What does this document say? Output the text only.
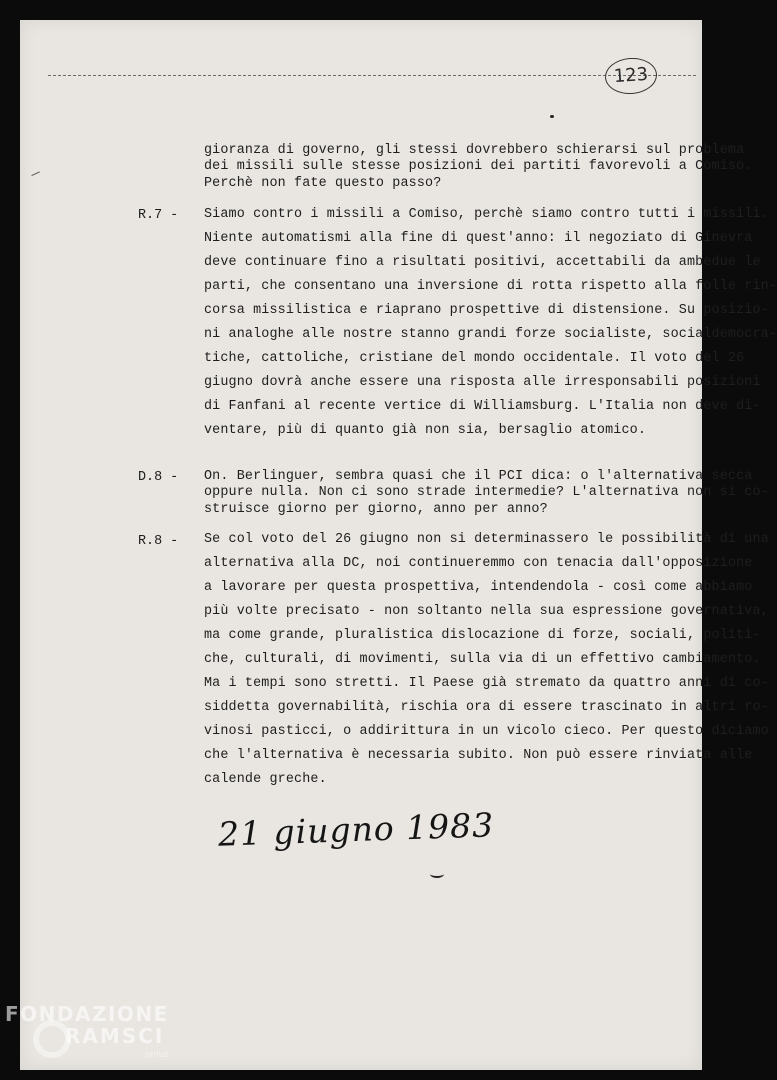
123
gioranza di governo, gli stessi dovrebbero schierarsi sul problema
dei missili sulle stesse posizioni dei partiti favorevoli a Comiso.
Perchè non fate questo passo?
R.7 - Siamo contro i missili a Comiso, perchè siamo contro tutti i missili.
Niente automatismi alla fine di quest'anno: il negoziato di Ginevra
deve continuare fino a risultati positivi, accettabili da ambedue le
parti, che consentano una inversione di rotta rispetto alla folle rin-
corsa missilistica e riaprano prospettive di distensione. Su posizio-
ni analoghe alle nostre stanno grandi forze socialiste, socialdemocra-
tiche, cattoliche, cristiane del mondo occidentale. Il voto del 26
giugno dovrà anche essere una risposta alle irresponsabili posizioni
di Fanfani al recente vertice di Williamsburg. L'Italia non deve di-
ventare, più di quanto già non sia, bersaglio atomico.
D.8 - On. Berlinguer, sembra quasi che il PCI dica: o l'alternativa secca
oppure nulla. Non ci sono strade intermedie? L'alternativa non si co-
struisce giorno per giorno, anno per anno?
R.8 - Se col voto del 26 giugno non si determinassero le possibilità di una
alternativa alla DC, noi continueremmo con tenacia dall'opposizione
a lavorare per questa prospettiva, intendendola - così come abbiamo
più volte precisato - non soltanto nella sua espressione governativa,
ma come grande, pluralistica dislocazione di forze, sociali, politi-
che, culturali, di movimenti, sulla via di un effettivo cambiamento.
Ma i tempi sono stretti. Il Paese già stremato da quattro anni di co-
siddetta governabilità, rischia ora di essere trascinato in altri ro-
vinosi pasticci, o addirittura in un vicolo cieco. Per questo diciamo
che l'alternativa è necessaria subito. Non può essere rinviata alle
calende greche.
21 giugno 1983
FONDAZIONE
RAMSCI
onlus
